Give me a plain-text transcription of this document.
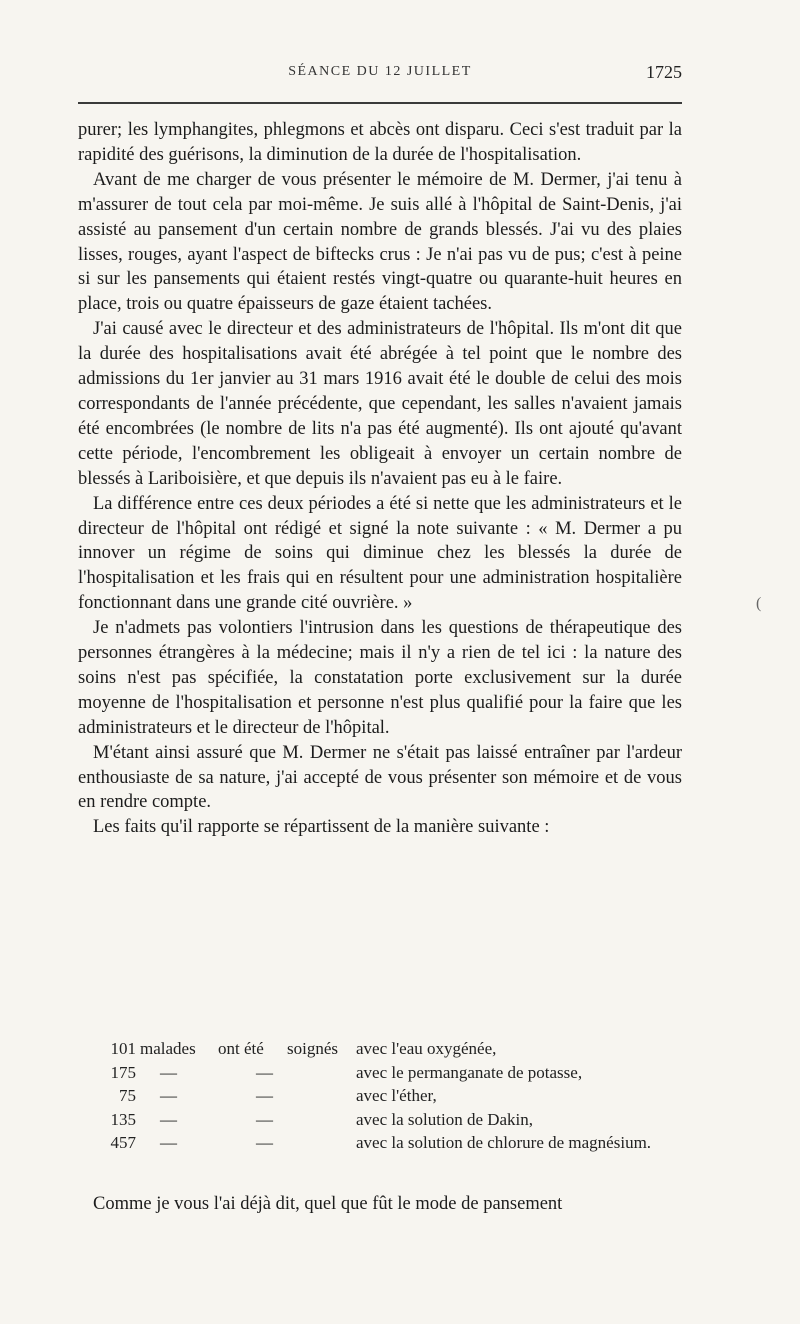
SÉANCE DU 12 JUILLET	1725

purer; les lymphangites, phlegmons et abcès ont disparu. Ceci s'est traduit par la rapidité des guérisons, la diminution de la durée de l'hospitalisation.

Avant de me charger de vous présenter le mémoire de M. Dermer, j'ai tenu à m'assurer de tout cela par moi-même. Je suis allé à l'hôpital de Saint-Denis, j'ai assisté au pansement d'un certain nombre de grands blessés. J'ai vu des plaies lisses, rouges, ayant l'aspect de biftecks crus : Je n'ai pas vu de pus; c'est à peine si sur les pansements qui étaient restés vingt-quatre ou quarante-huit heures en place, trois ou quatre épaisseurs de gaze étaient tachées.

J'ai causé avec le directeur et des administrateurs de l'hôpital. Ils m'ont dit que la durée des hospitalisations avait été abrégée à tel point que le nombre des admissions du 1er janvier au 31 mars 1916 avait été le double de celui des mois correspondants de l'année précédente, que cependant, les salles n'avaient jamais été encombrées (le nombre de lits n'a pas été augmenté). Ils ont ajouté qu'avant cette période, l'encombrement les obligeait à envoyer un certain nombre de blessés à Lariboisière, et que depuis ils n'avaient pas eu à le faire.

La différence entre ces deux périodes a été si nette que les administrateurs et le directeur de l'hôpital ont rédigé et signé la note suivante : « M. Dermer a pu innover un régime de soins qui diminue chez les blessés la durée de l'hospitalisation et les frais qui en résultent pour une administration hospitalière fonctionnant dans une grande cité ouvrière. »

Je n'admets pas volontiers l'intrusion dans les questions de thérapeutique des personnes étrangères à la médecine; mais il n'y a rien de tel ici : la nature des soins n'est pas spécifiée, la constatation porte exclusivement sur la durée moyenne de l'hospitalisation et personne n'est plus qualifié pour la faire que les administrateurs et le directeur de l'hôpital.

M'étant ainsi assuré que M. Dermer ne s'était pas laissé entraîner par l'ardeur enthousiaste de sa nature, j'ai accepté de vous présenter son mémoire et de vous en rendre compte.

Les faits qu'il rapporte se répartissent de la manière suivante :

101 malades ont été soignés avec l'eau oxygénée,
175 —	—	avec le permanganate de potasse,
75 —	—	avec l'éther,
135 —	—	avec la solution de Dakin,
457 —	—	avec la solution de chlorure de magnésium.
Comme je vous l'ai déjà dit, quel que fût le mode de pansement
(
